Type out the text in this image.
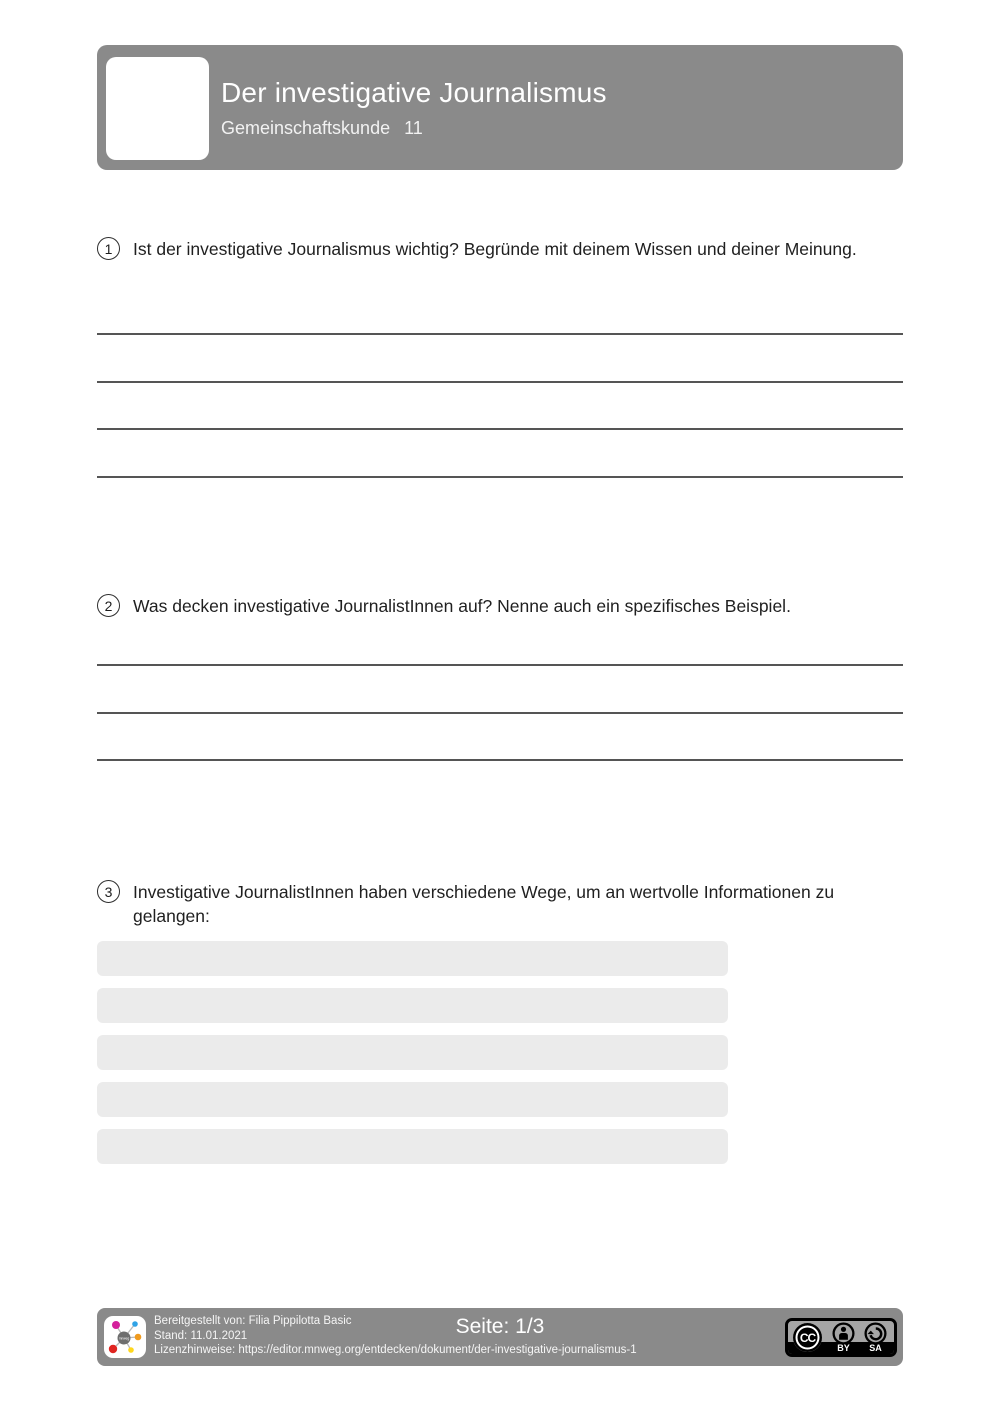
Der investigative Journalismus
Gemeinschaftskunde 11
1	Ist der investigative Journalismus wichtig? Begründe mit deinem Wissen und deiner Meinung.
2	Was decken investigative JournalistInnen auf? Nenne auch ein spezifisches Beispiel.
3	Investigative JournalistInnen haben verschiedene Wege, um an wertvolle Informationen zu gelangen:
mnweg
Bereitgestellt von: Filia Pippilotta Basic
Stand: 11.01.2021
Lizenzhinweise: https://editor.mnweg.org/entdecken/dokument/der-investigative-journalismus-1
Seite: 1/3	CC
BY	SA
